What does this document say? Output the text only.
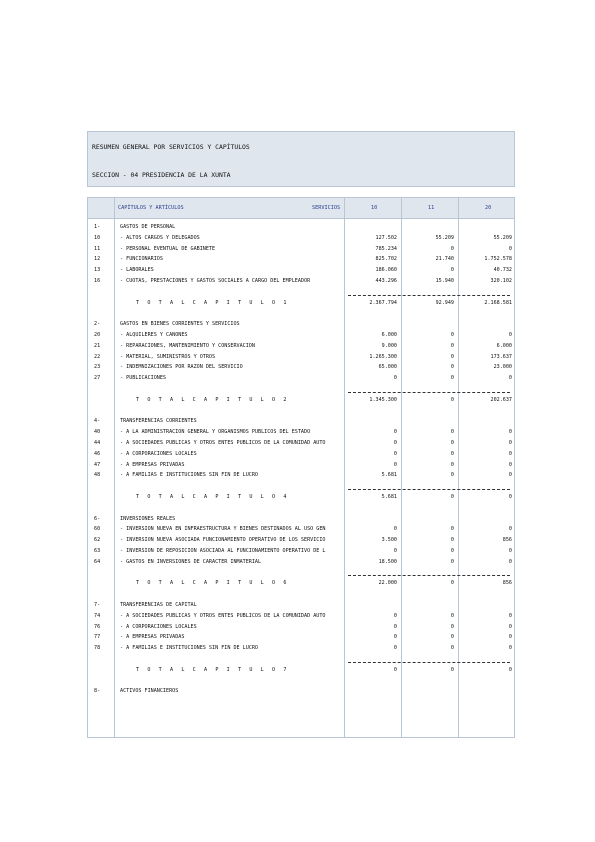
RESUMEN GENERAL POR SERVICIOS Y CAPÍTULOS
SECCION - 04 PRESIDENCIA DE LA XUNTA
CAPÍTULOS Y ARTÍCULOS	SERVICIOS	10	11	20
1-	GASTOS DE PERSONAL
10	- ALTOS CARGOS Y DELEGADOS	127.502	55.209	55.209
11	- PERSONAL EVENTUAL DE GABINETE	785.234	0	0
12	- FUNCIONARIOS	825.702	21.740	1.752.578
13	- LABORALES	186.060	0	40.732
16	- CUOTAS, PRESTACIONES Y GASTOS SOCIALES A CARGO DEL EMPLEADOR	443.296	15.940	320.102
T O T A L C A P Í T U L O 1	2.367.794	92.949	2.168.581
2-	GASTOS EN BIENES CORRIENTES Y SERVICIOS
20	- ALQUILERES Y CÁNONES	6.000	0	0
21	- REPARACIONES, MANTENIMIENTO Y CONSERVACIÓN	9.000	0	6.000
22	- MATERIAL, SUMINISTROS Y OTROS	1.265.300	0	173.637
23	- INDEMNIZACIONES POR RAZÓN DEL SERVICIO	65.000	0	23.000
27	- PUBLICACIONES	0	0	0
T O T A L C A P Í T U L O 2	1.345.300	0	202.637
4-	TRANSFERENCIAS CORRIENTES
40	- A LA ADMINISTRACIÓN GENERAL Y ORGANISMOS PÚBLICOS DEL ESTADO	0	0	0
44	- A SOCIEDADES PÚBLICAS Y OTROS ENTES PÚBLICOS DE LA COMUNIDAD AUTÓ	0	0	0
46	- A CORPORACIONES LOCALES	0	0	0
47	- A EMPRESAS PRIVADAS	0	0	0
48	- A FAMILIAS E INSTITUCIONES SIN FIN DE LUCRO	5.681	0	0
T O T A L C A P Í T U L O 4	5.681	0	0
6-	INVERSIONES REALES
60	- INVERSIÓN NUEVA EN INFRAESTRUCTURA Y BIENES DESTINADOS AL USO GEN	0	0	0
62	- INVERSIÓN NUEVA ASOCIADA FUNCIONAMIENTO OPERATIVO DE LOS SERVICIO	3.500	0	856
63	- INVERSIÓN DE REPOSICIÓN ASOCIADA AL FUNCIONAMIENTO OPERATIVO DE L	0	0	0
64	- GASTOS EN INVERSIONES DE CARÁCTER INMATERIAL	18.500	0	0
T O T A L C A P Í T U L O 6	22.000	0	856
7-	TRANSFERENCIAS DE CAPITAL
74	- A SOCIEDADES PÚBLICAS Y OTROS ENTES PÚBLICOS DE LA COMUNIDAD AUTÓ	0	0	0
76	- A CORPORACIONES LOCALES	0	0	0
77	- A EMPRESAS PRIVADAS	0	0	0
78	- A FAMILIAS E INSTITUCIONES SIN FIN DE LUCRO	0	0	0
T O T A L C A P Í T U L O 7	0	0	0
8-	ACTIVOS FINANCIEROS
